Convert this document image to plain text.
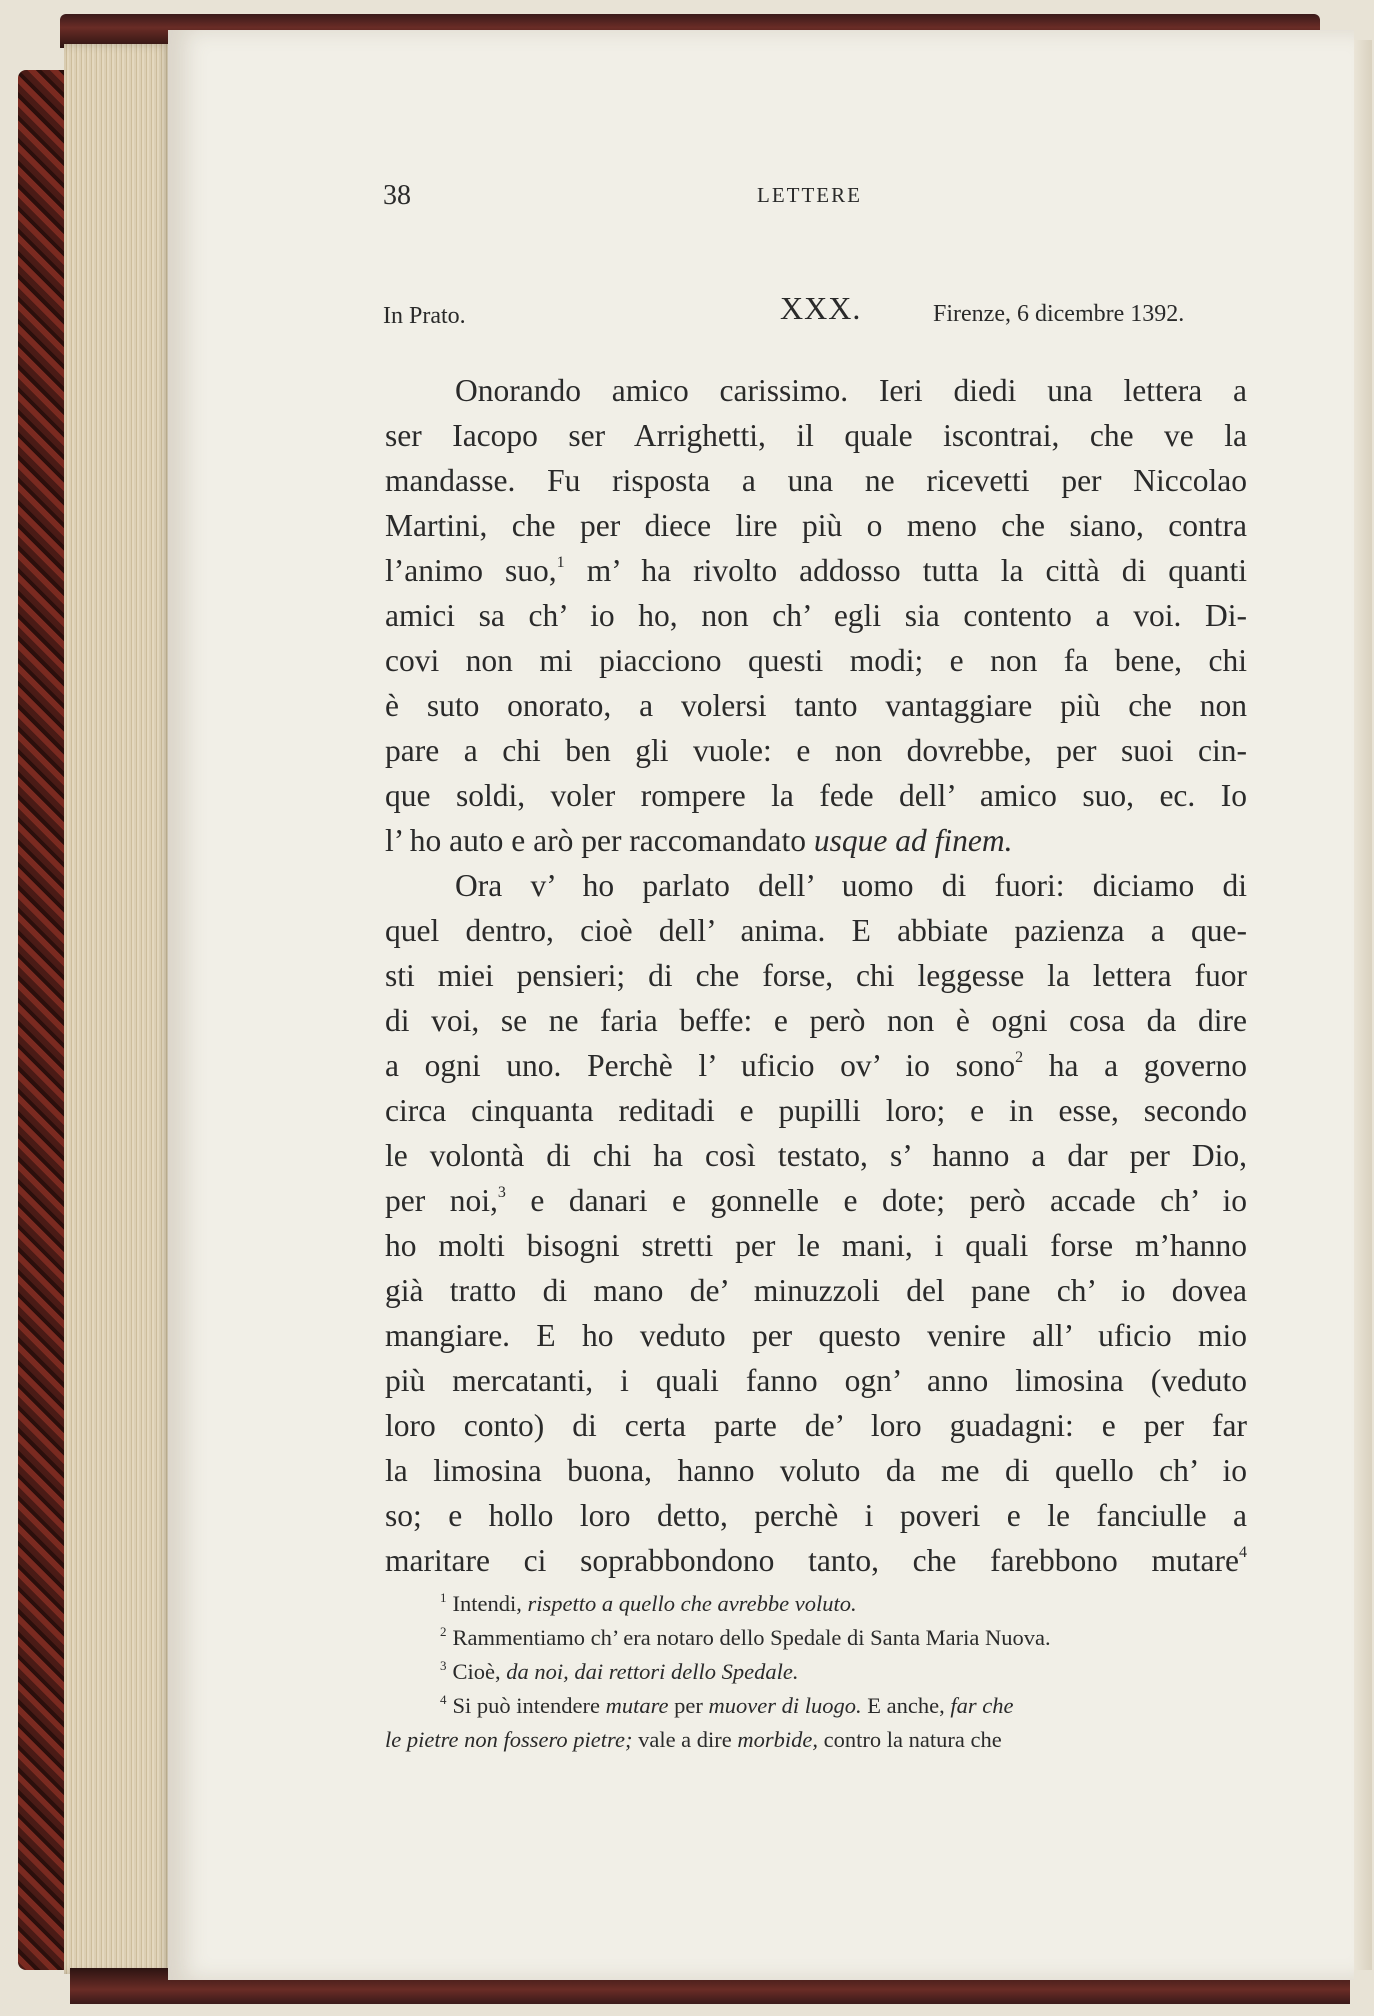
38	LETTERE
In Prato.	XXX.	Firenze, 6 dicembre 1392.
Onorando amico carissimo. Ieri diedi una lettera a
ser Iacopo ser Arrighetti, il quale iscontrai, che ve la
mandasse. Fu risposta a una ne ricevetti per Niccolao
Martini, che per diece lire più o meno che siano, contra
l’animo suo,$^1$ m’ ha rivolto addosso tutta la città di quanti
amici sa ch’ io ho, non ch’ egli sia contento a voi. Di-
covi non mi piacciono questi modi; e non fa bene, chi
è suto onorato, a volersi tanto vantaggiare più che non
pare a chi ben gli vuole: e non dovrebbe, per suoi cin-
que soldi, voler rompere la fede dell’ amico suo, ec. Io
l’ ho auto e arò per raccomandato usque ad finem.
Ora v’ ho parlato dell’ uomo di fuori: diciamo di
quel dentro, cioè dell’ anima. E abbiate pazienza a que-
sti miei pensieri; di che forse, chi leggesse la lettera fuor
di voi, se ne faria beffe: e però non è ogni cosa da dire
a ogni uno. Perchè l’ uficio ov’ io sono$^2$ ha a governo
circa cinquanta reditadi e pupilli loro; e in esse, secondo
le volontà di chi ha così testato, s’ hanno a dar per Dio,
per noi,$^3$ e danari e gonnelle e dote; però accade ch’ io
ho molti bisogni stretti per le mani, i quali forse m’hanno
già tratto di mano de’ minuzzoli del pane ch’ io dovea
mangiare. E ho veduto per questo venire all’ uficio mio
più mercatanti, i quali fanno ogn’ anno limosina (veduto
loro conto) di certa parte de’ loro guadagni: e per far
la limosina buona, hanno voluto da me di quello ch’ io
so; e hollo loro detto, perchè i poveri e le fanciulle a
maritare ci soprabbondono tanto, che farebbono mutare$^4$
$^1$ Intendi, rispetto a quello che avrebbe voluto.
$^2$ Rammentiamo ch’ era notaro dello Spedale di Santa Maria Nuova.
$^3$ Cioè, da noi, dai rettori dello Spedale.
$^4$ Si può intendere mutare per muover di luogo. E anche, far che
le pietre non fossero pietre; vale a dire morbide, contro la natura che
